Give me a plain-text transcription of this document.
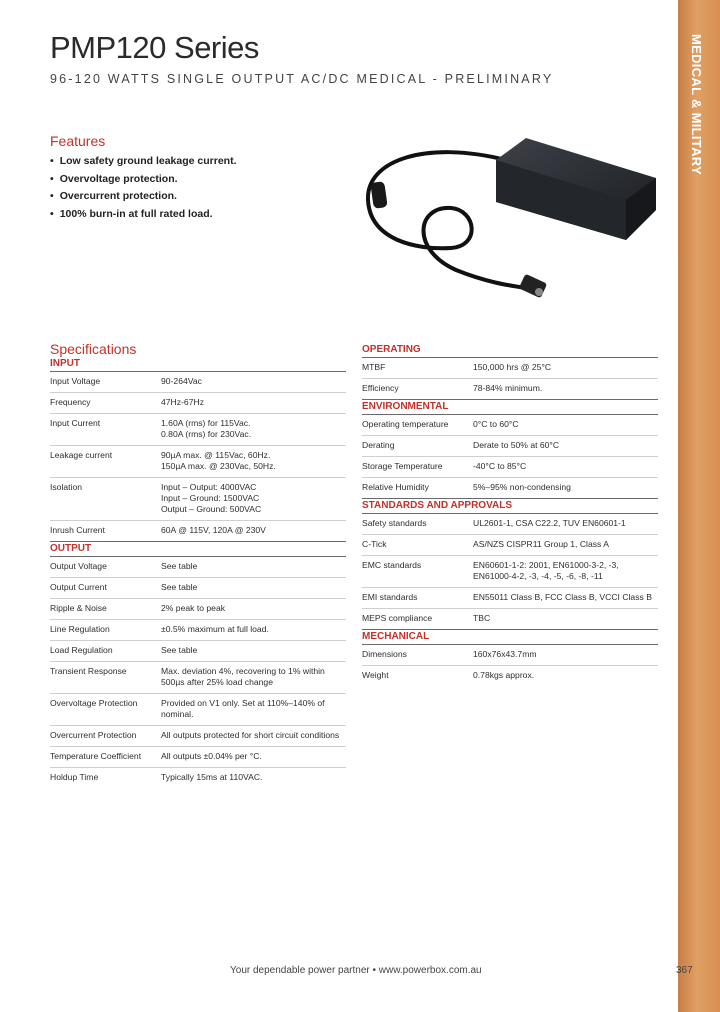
MEDICAL & MILITARY
PMP120 Series

96-120 WATTS SINGLE OUTPUT AC/DC MEDICAL - PRELIMINARY

Features
• Low safety ground leakage current.
• Overvoltage protection.
• Overcurrent protection.
• 100% burn-in at full rated load.
Specifications
INPUT
Input Voltage	90-264Vac
Frequency	47Hz-67Hz
Input Current	1.60A (rms) for 115Vac.
0.80A (rms) for 230Vac.
Leakage current	90µA max. @ 115Vac, 60Hz.
150µA max. @ 230Vac, 50Hz.
Isolation	Input – Output: 4000VAC
Input – Ground: 1500VAC
Output – Ground: 500VAC
Inrush Current	60A @ 115V, 120A @ 230V
OUTPUT
Output Voltage	See table
Output Current	See table
Ripple & Noise	2% peak to peak
Line Regulation	±0.5% maximum at full load.
Load Regulation	See table
Transient Response	Max. deviation 4%, recovering to 1% within
500µs after 25% load change
Overvoltage Protection	Provided on V1 only. Set at 110%–140% of
nominal.
Overcurrent Protection	All outputs protected for short circuit conditions
Temperature Coefficient	All outputs ±0.04% per °C.
Holdup Time	Typically 15ms at 110VAC.
OPERATING
MTBF	150,000 hrs @ 25°C
Efficiency	78-84% minimum.
ENVIRONMENTAL
Operating temperature	0°C to 60°C
Derating	Derate to 50% at 60°C
Storage Temperature	-40°C to 85°C
Relative Humidity	5%–95% non-condensing
STANDARDS AND APPROVALS
Safety standards	UL2601-1, CSA C22.2, TUV EN60601-1
C-Tick	AS/NZS CISPR11 Group 1, Class A
EMC standards	EN60601-1-2: 2001, EN61000-3-2, -3,
EN61000-4-2, -3, -4, -5, -6, -8, -11
EMI standards	EN55011 Class B, FCC Class B, VCCI Class B
MEPS compliance	TBC
MECHANICAL
Dimensions	160x76x43.7mm
Weight	0.78kgs approx.
Your dependable power partner • www.powerbox.com.au	367
